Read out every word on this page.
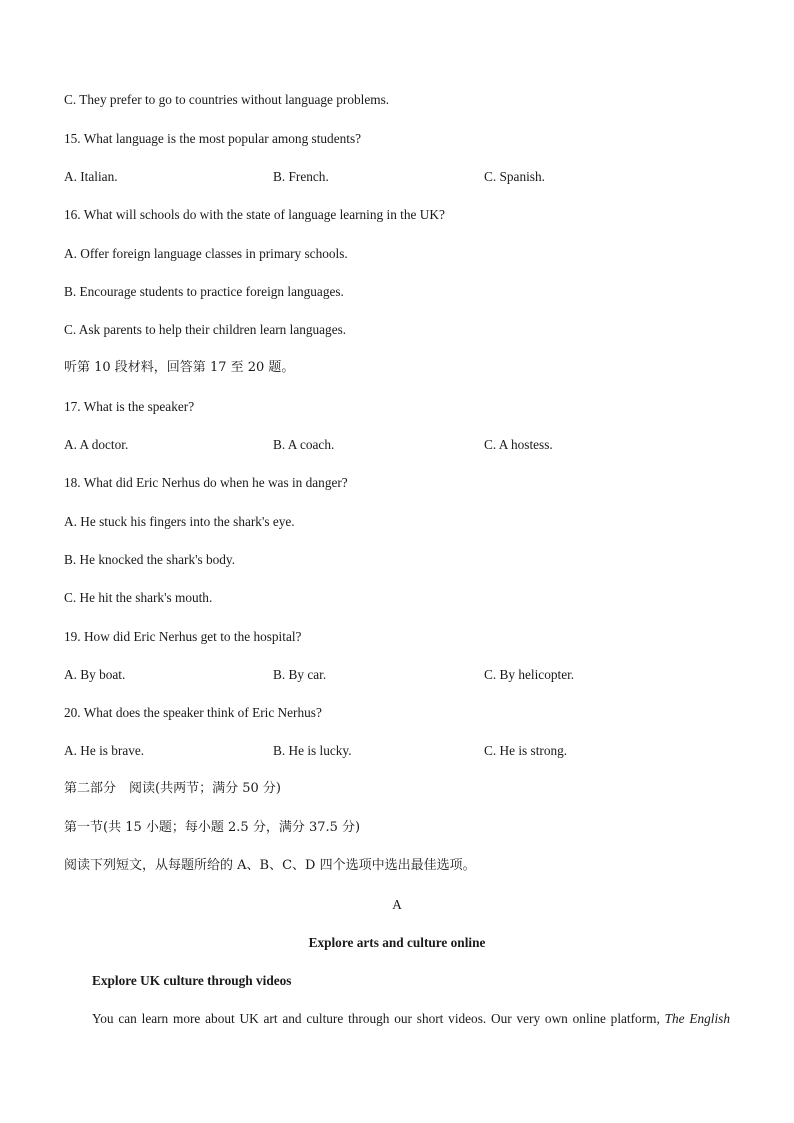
C. They prefer to go to countries without language problems.
15. What language is the most popular among students?
A. Italian.	B. French.	C. Spanish.
16. What will schools do with the state of language learning in the UK?
A. Offer foreign language classes in primary schools.
B. Encourage students to practice foreign languages.
C. Ask parents to help their children learn languages.
听第 10 段材料，回答第 17 至 20 题。
17. What is the speaker?
A. A doctor.	B. A coach.	C. A hostess.
18. What did Eric Nerhus do when he was in danger?
A. He stuck his fingers into the shark's eye.
B. He knocked the shark's body.
C. He hit the shark's mouth.
19. How did Eric Nerhus get to the hospital?
A. By boat.	B. By car.	C. By helicopter.
20. What does the speaker think of Eric Nerhus?
A. He is brave.	B. He is lucky.	C. He is strong.
第二部分　阅读(共两节；满分 50 分)
第一节(共 15 小题；每小题 2.5 分，满分 37.5 分)
阅读下列短文，从每题所给的 A、B、C、D 四个选项中选出最佳选项。
A
Explore arts and culture online
Explore UK culture through videos
You can learn more about UK art and culture through our short videos. Our very own online platform, The English
